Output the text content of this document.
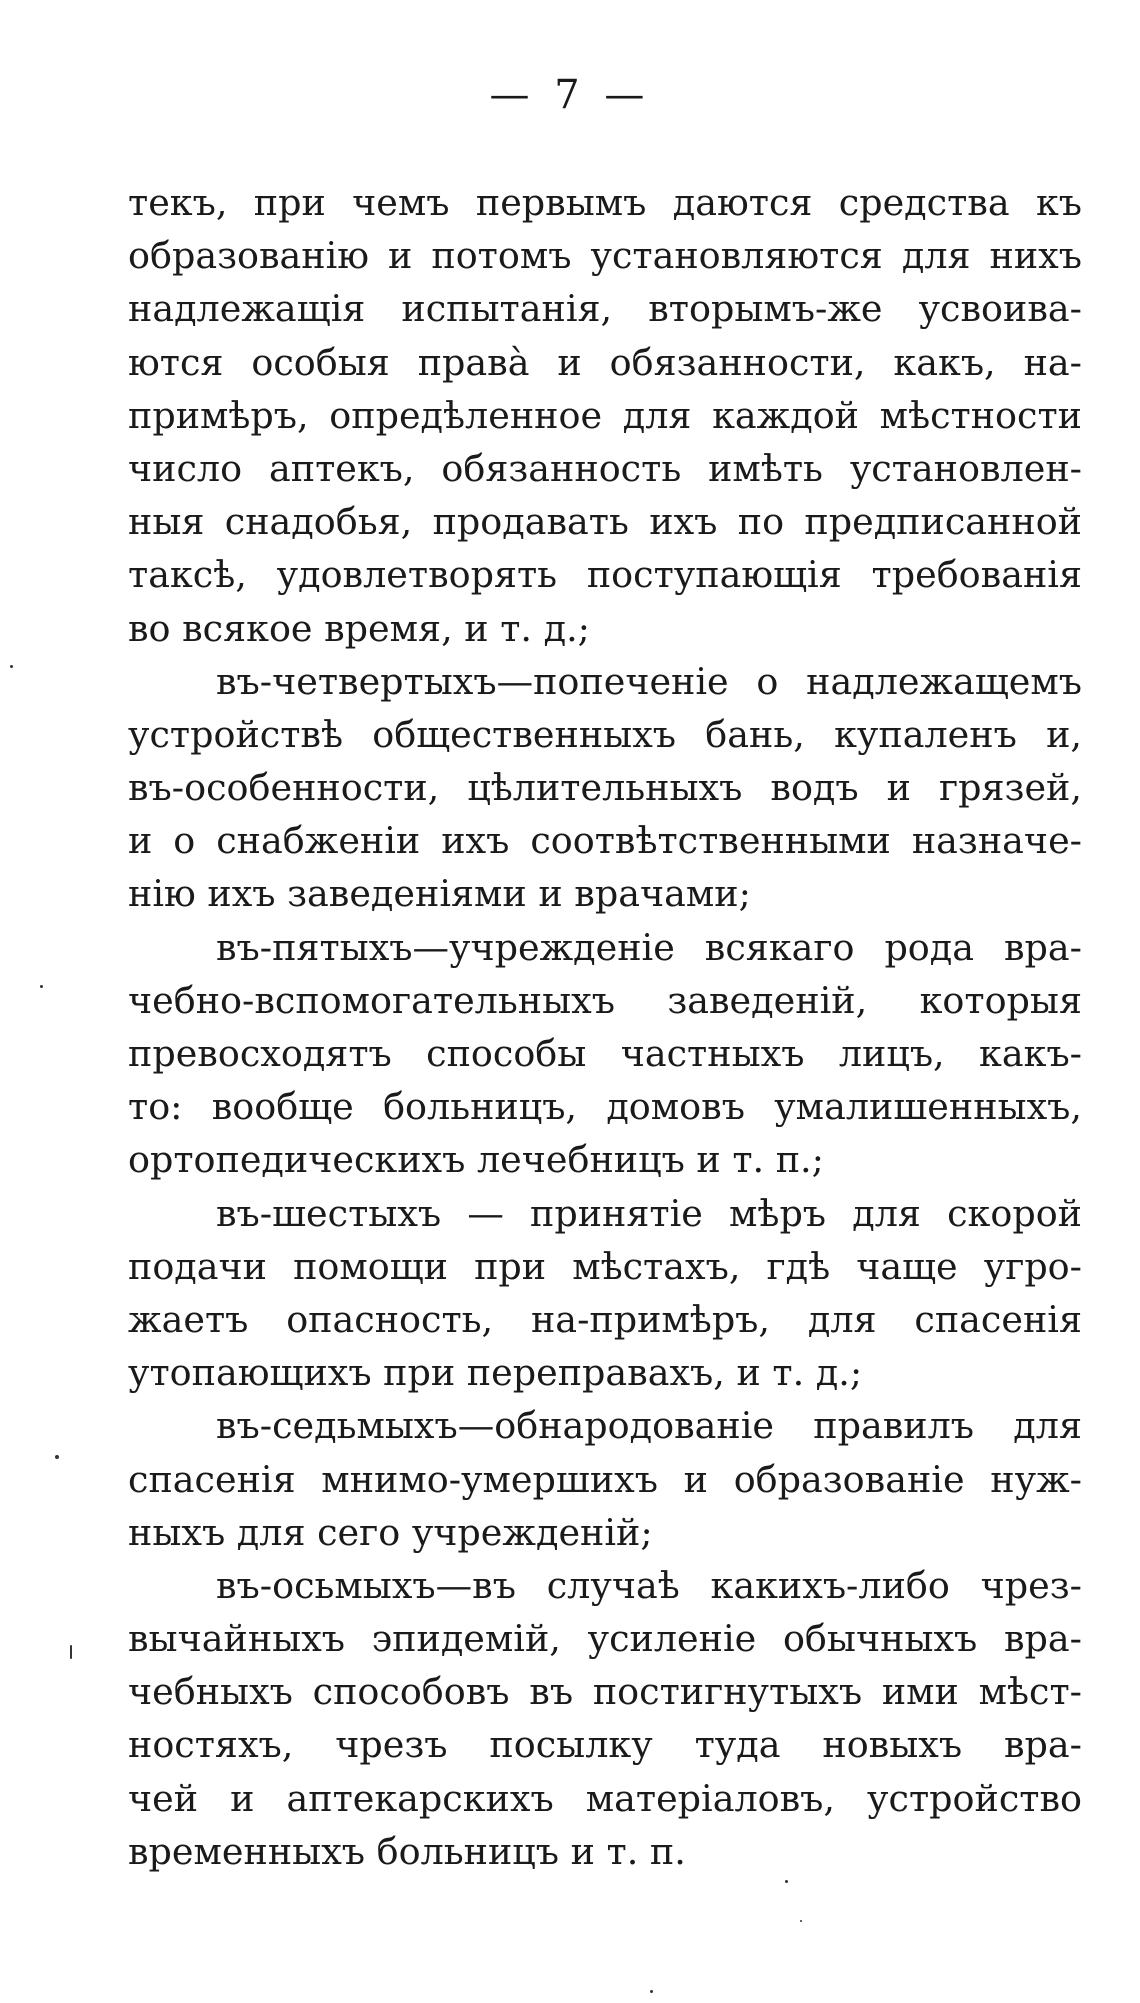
— 7 —
текъ, при чемъ первымъ даются средства къ
образованію и потомъ установляются для нихъ
надлежащія испытанія, вторымъ-же усвоива-
ются особыя права̀ и обязанности, какъ, на-
примѣръ, опредѣленное для каждой мѣстности
число аптекъ, обязанность имѣть установлен-
ныя снадобья, продавать ихъ по предписанной
таксѣ, удовлетворять поступающія требованія
во всякое время, и т. д.;
въ-четвертыхъ—попеченіе о надлежащемъ
устройствѣ общественныхъ бань, купаленъ и,
въ-особенности, цѣлительныхъ водъ и грязей,
и о снабженіи ихъ соотвѣтственными назначе-
нію ихъ заведеніями и врачами;
въ-пятыхъ—учрежденіе всякаго рода вра-
чебно-вспомогательныхъ заведеній, которыя
превосходятъ способы частныхъ лицъ, какъ-
то: вообще больницъ, домовъ умалишенныхъ,
ортопедическихъ лечебницъ и т. п.;
въ-шестыхъ — принятіе мѣръ для скорой
подачи помощи при мѣстахъ, гдѣ чаще угро-
жаетъ опасность, на-примѣръ, для спасенія
утопающихъ при переправахъ, и т. д.;
въ-седьмыхъ—обнародованіе правилъ для
спасенія мнимо-умершихъ и образованіе нуж-
ныхъ для сего учрежденій;
въ-осьмыхъ—въ случаѣ какихъ-либо чрез-
вычайныхъ эпидемій, усиленіе обычныхъ вра-
чебныхъ способовъ въ постигнутыхъ ими мѣст-
ностяхъ, чрезъ посылку туда новыхъ вра-
чей и аптекарскихъ матеріаловъ, устройство
временныхъ больницъ и т. п.
